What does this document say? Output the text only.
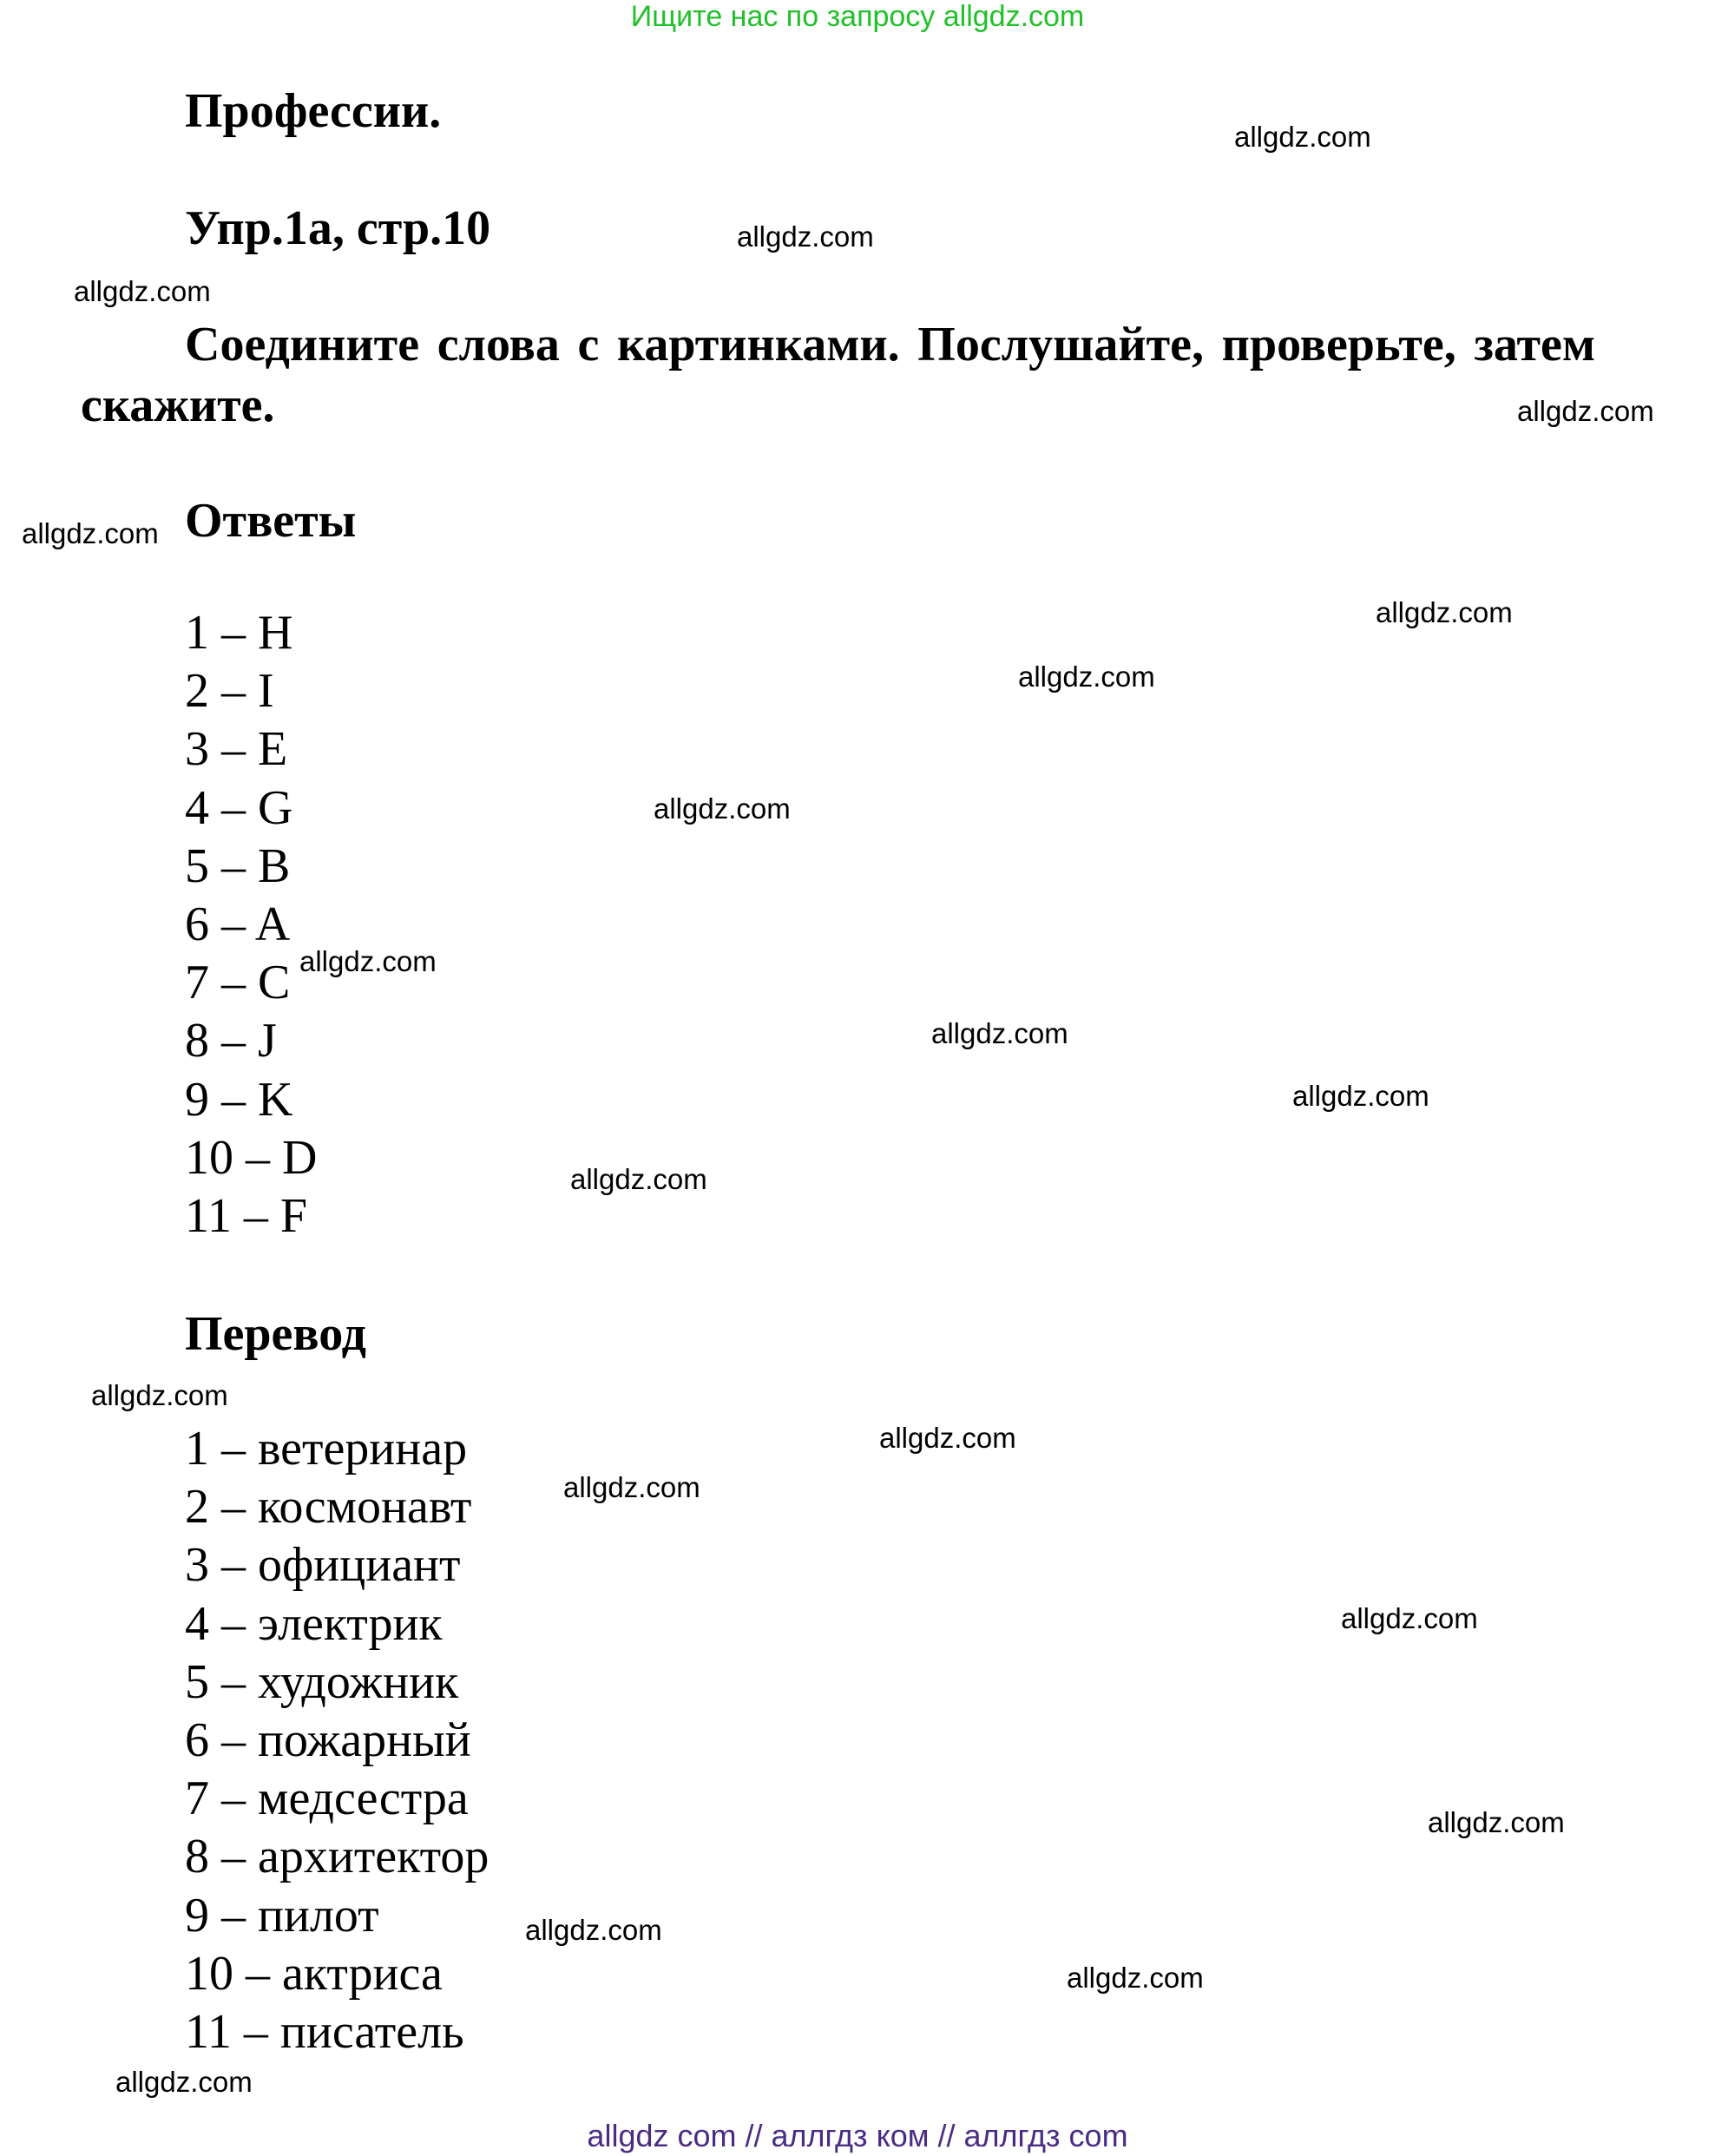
Ищите нас по запросу allgdz.com
Профессии.
Упр.1а, стр.10
Соедините слова с картинками. Послушайте, проверьте, затем скажите.
Ответы
1 – H
2 – I
3 – E
4 – G
5 – B
6 – A
7 – C
8 – J
9 – K
10 – D
11 – F
Перевод
1 – ветеринар
2 – космонавт
3 – официант
4 – электрик
5 – художник
6 – пожарный
7 – медсестра
8 – архитектор
9 – пилот
10 – актриса
11 – писатель
allgdz.com
allgdz.com
allgdz.com
allgdz.com
allgdz.com
allgdz.com
allgdz.com
allgdz.com
allgdz.com
allgdz.com
allgdz.com
allgdz.com
allgdz.com
allgdz.com
allgdz.com
allgdz.com
allgdz.com
allgdz.com
allgdz.com
allgdz.com
allgdz com // аллгдз ком // аллгдз com
